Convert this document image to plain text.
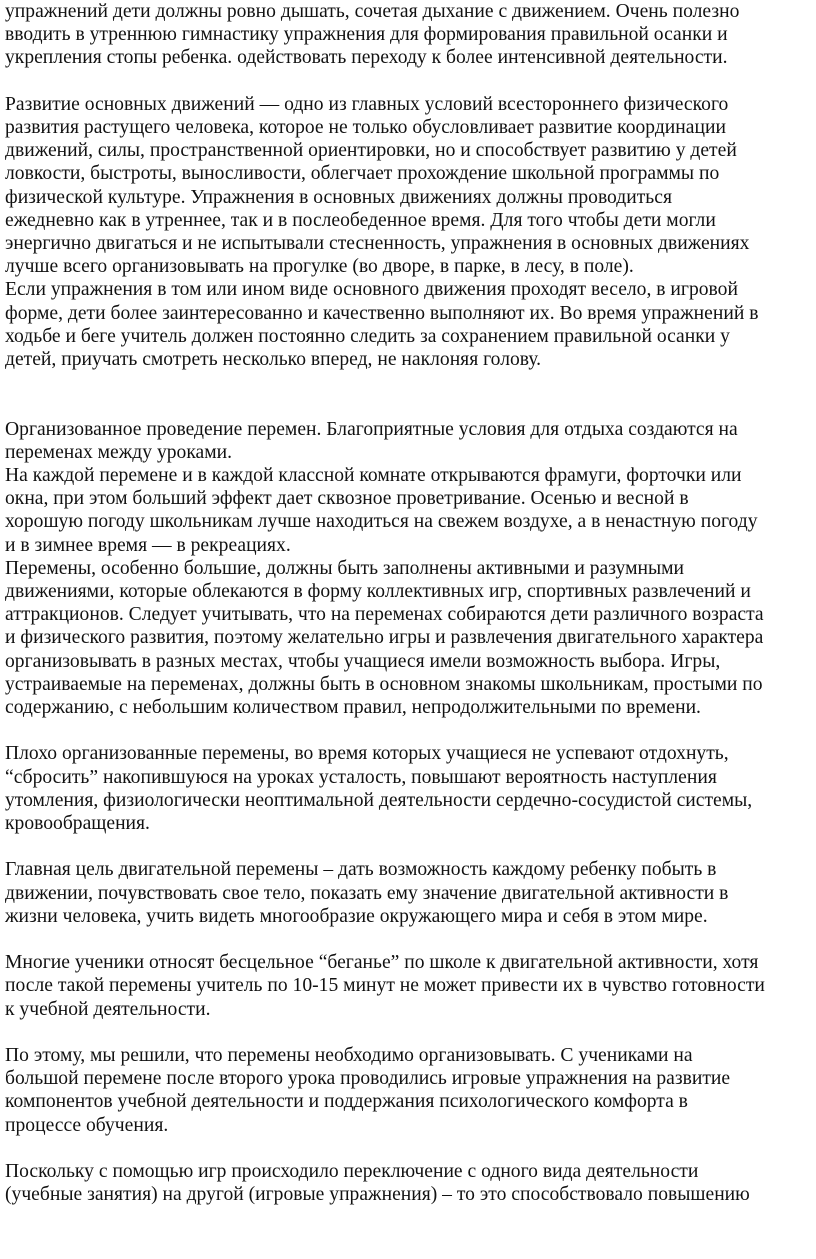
упражнений дети должны ровно дышать, сочетая дыхание с движением. Очень полезно
вводить в утреннюю гимнастику упражнения для формирования правильной осанки и
укрепления стопы ребенка. одействовать переходу к более интенсивной деятельности.
Развитие основных движений — одно из главных условий всестороннего физического
развития растущего человека, которое не только обусловливает развитие координации
движений, силы, пространственной ориентировки, но и способствует развитию у детей
ловкости, быстроты, выносливости, облегчает прохождение школьной программы по
физической культуре. Упражнения в основных движениях должны проводиться
ежедневно как в утреннее, так и в послеобеденное время. Для того чтобы дети могли
энергично двигаться и не испытывали стесненность, упражнения в основных движениях
лучше всего организовывать на прогулке (во дворе, в парке, в лесу, в поле).
Если упражнения в том или ином виде основного движения проходят весело, в игровой
форме, дети более заинтересованно и качественно выполняют их. Во время упражнений в
ходьбе и беге учитель должен постоянно следить за сохранением правильной осанки у
детей, приучать смотреть несколько вперед, не наклоняя голову.
Организованное проведение перемен. Благоприятные условия для отдыха создаются на
переменах между уроками.
На каждой перемене и в каждой классной комнате открываются фрамуги, форточки или
окна, при этом больший эффект дает сквозное проветривание. Осенью и весной в
хорошую погоду школьникам лучше находиться на свежем воздухе, а в ненастную погоду
и в зимнее время — в рекреациях.
Перемены, особенно большие, должны быть заполнены активными и разумными
движениями, которые облекаются в форму коллективных игр, спортивных развлечений и
аттракционов. Следует учитывать, что на переменах собираются дети различного возраста
и физического развития, поэтому желательно игры и развлечения двигательного характера
организовывать в разных местах, чтобы учащиеся имели возможность выбора. Игры,
устраиваемые на переменах, должны быть в основном знакомы школьникам, простыми по
содержанию, с небольшим количеством правил, непродолжительными по времени.
Плохо организованные перемены, во время которых учащиеся не успевают отдохнуть,
“сбросить” накопившуюся на уроках усталость, повышают вероятность наступления
утомления, физиологически неоптимальной деятельности сердечно-сосудистой системы,
кровообращения.
Главная цель двигательной перемены – дать возможность каждому ребенку побыть в
движении, почувствовать свое тело, показать ему значение двигательной активности в
жизни человека, учить видеть многообразие окружающего мира и себя в этом мире.
Многие ученики относят бесцельное “беганье” по школе к двигательной активности, хотя
после такой перемены учитель по 10-15 минут не может привести их в чувство готовности
к учебной деятельности.
По этому, мы решили, что перемены необходимо организовывать. С учениками на
большой перемене после второго урока проводились игровые упражнения на развитие
компонентов учебной деятельности и поддержания психологического комфорта в
процессе обучения.
Поскольку с помощью игр происходило переключение с одного вида деятельности
(учебные занятия) на другой (игровые упражнения) – то это способствовало повышению
